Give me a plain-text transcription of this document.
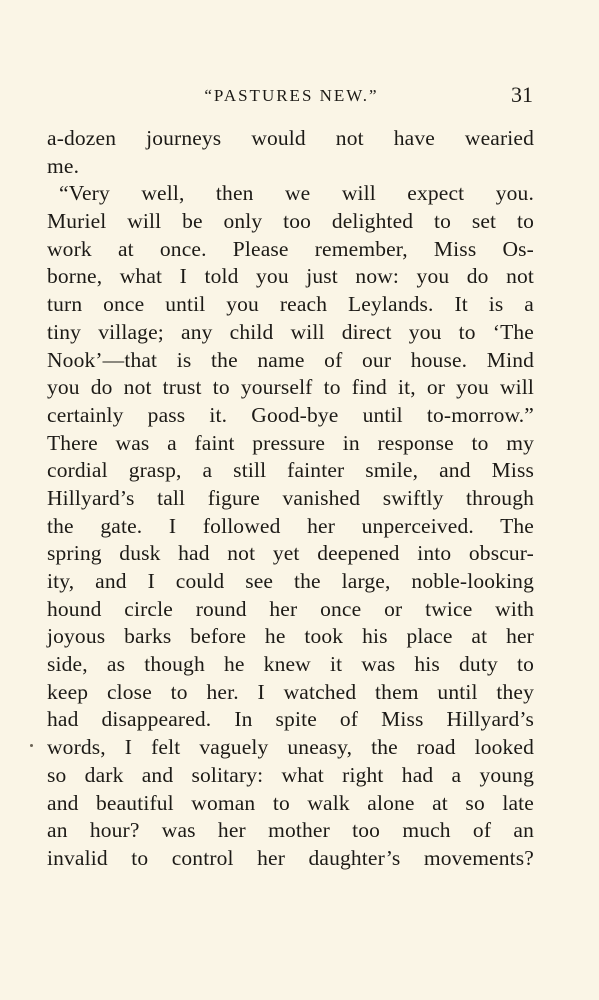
“PASTURES NEW.”	31
a-dozen journeys would not have wearied
me.
“Very well, then we will expect you.
Muriel will be only too delighted to set to
work at once. Please remember, Miss Os-
borne, what I told you just now: you do not
turn once until you reach Leylands. It is a
tiny village; any child will direct you to ‘The
Nook’—that is the name of our house. Mind
you do not trust to yourself to find it, or you will
certainly pass it. Good-bye until to-morrow.”
There was a faint pressure in response to my
cordial grasp, a still fainter smile, and Miss
Hillyard’s tall figure vanished swiftly through
the gate. I followed her unperceived. The
spring dusk had not yet deepened into obscur-
ity, and I could see the large, noble-looking
hound circle round her once or twice with
joyous barks before he took his place at her
side, as though he knew it was his duty to
keep close to her. I watched them until they
had disappeared. In spite of Miss Hillyard’s
words, I felt vaguely uneasy, the road looked
so dark and solitary: what right had a young
and beautiful woman to walk alone at so late
an hour? was her mother too much of an
invalid to control her daughter’s movements?
